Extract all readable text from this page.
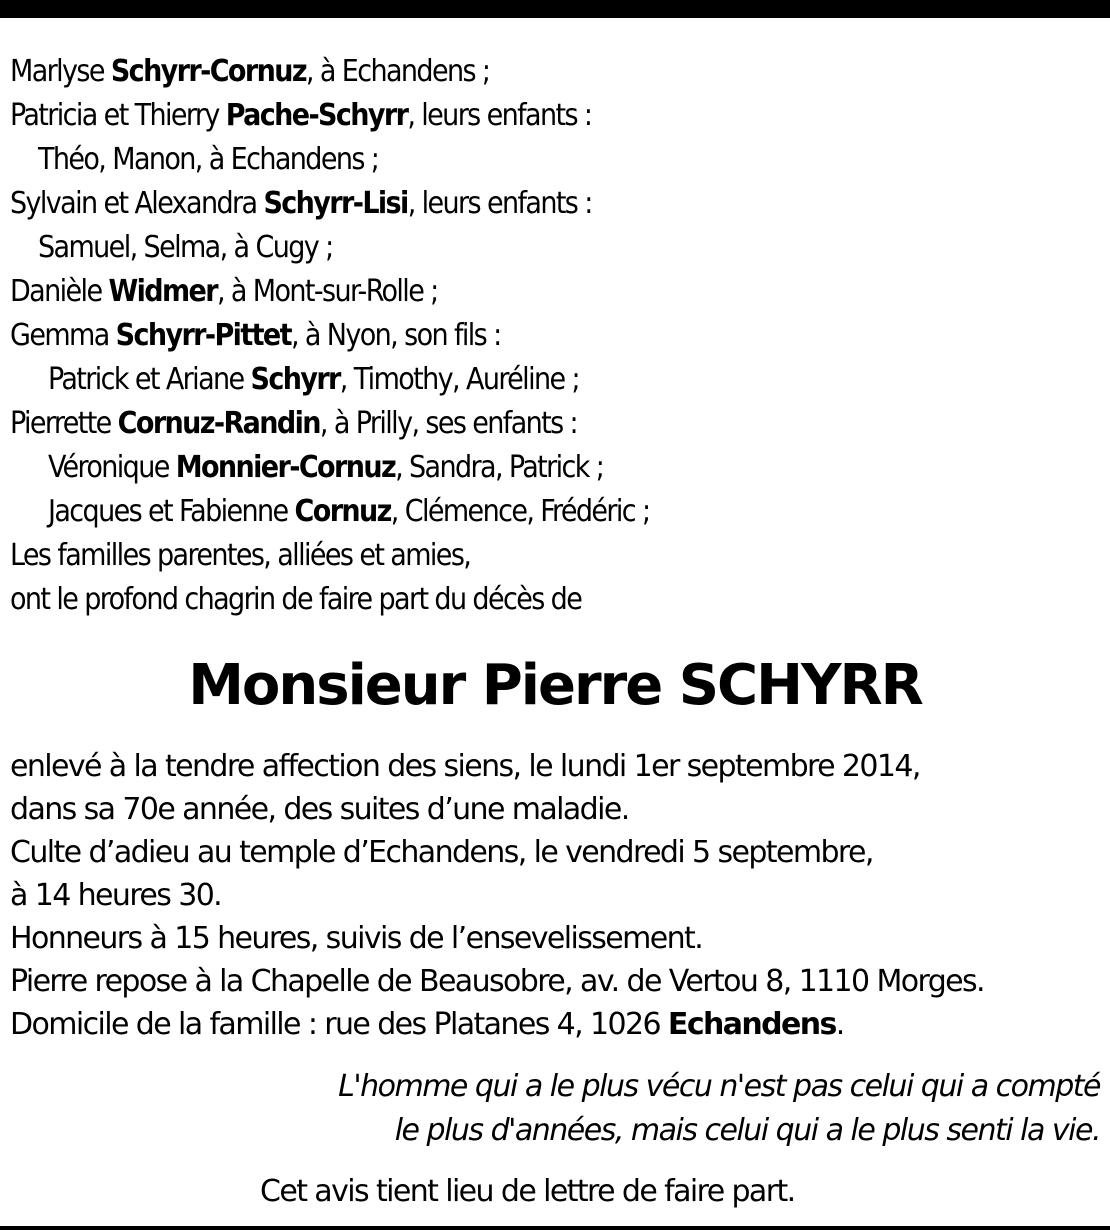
Marlyse Schyrr-Cornuz, à Echandens ;
Patricia et Thierry Pache-Schyrr, leurs enfants :
Théo, Manon, à Echandens ;
Sylvain et Alexandra Schyrr-Lisi, leurs enfants :
Samuel, Selma, à Cugy ;
Danièle Widmer, à Mont-sur-Rolle ;
Gemma Schyrr-Pittet, à Nyon, son fils :
Patrick et Ariane Schyrr, Timothy, Auréline ;
Pierrette Cornuz-Randin, à Prilly, ses enfants :
Véronique Monnier-Cornuz, Sandra, Patrick ;
Jacques et Fabienne Cornuz, Clémence, Frédéric ;
Les familles parentes, alliées et amies,
ont le profond chagrin de faire part du décès de
Monsieur Pierre SCHYRR
enlevé à la tendre affection des siens, le lundi 1er septembre 2014,
dans sa 70e année, des suites d’une maladie.
Culte d’adieu au temple d’Echandens, le vendredi 5 septembre,
à 14 heures 30.
Honneurs à 15 heures, suivis de l’ensevelissement.
Pierre repose à la Chapelle de Beausobre, av. de Vertou 8, 1110 Morges.
Domicile de la famille : rue des Platanes 4, 1026 Echandens.
L'homme qui a le plus vécu n'est pas celui qui a compté
le plus d'années, mais celui qui a le plus senti la vie.
Cet avis tient lieu de lettre de faire part.
